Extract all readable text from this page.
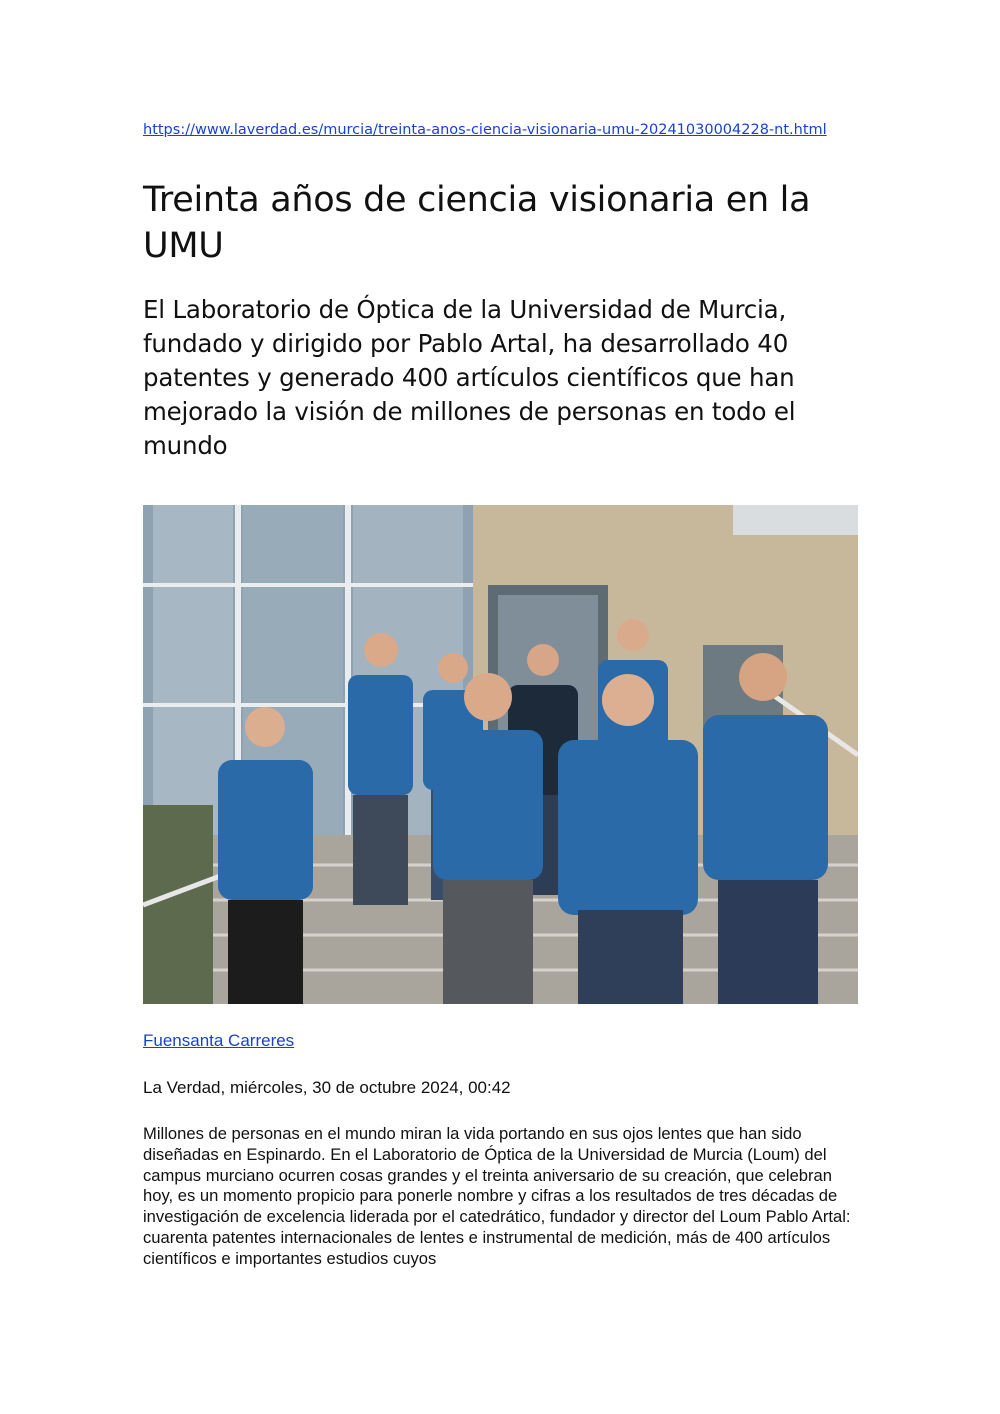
https://www.laverdad.es/murcia/treinta-anos-ciencia-visionaria-umu-20241030004228-nt.html
Treinta años de ciencia visionaria en la UMU
El Laboratorio de Óptica de la Universidad de Murcia, fundado y dirigido por Pablo Artal, ha desarrollado 40 patentes y generado 400 artículos científicos que han mejorado la visión de millones de personas en todo el mundo
Fuensanta Carreres
La Verdad, miércoles, 30 de octubre 2024, 00:42

Millones de personas en el mundo miran la vida portando en sus ojos lentes que han sido diseñadas en Espinardo. En el Laboratorio de Óptica de la Universidad de Murcia (Loum) del campus murciano ocurren cosas grandes y el treinta aniversario de su creación, que celebran hoy, es un momento propicio para ponerle nombre y cifras a los resultados de tres décadas de investigación de excelencia liderada por el catedrático, fundador y director del Loum Pablo Artal: cuarenta patentes internacionales de lentes e instrumental de medición, más de 400 artículos científicos e importantes estudios cuyos
